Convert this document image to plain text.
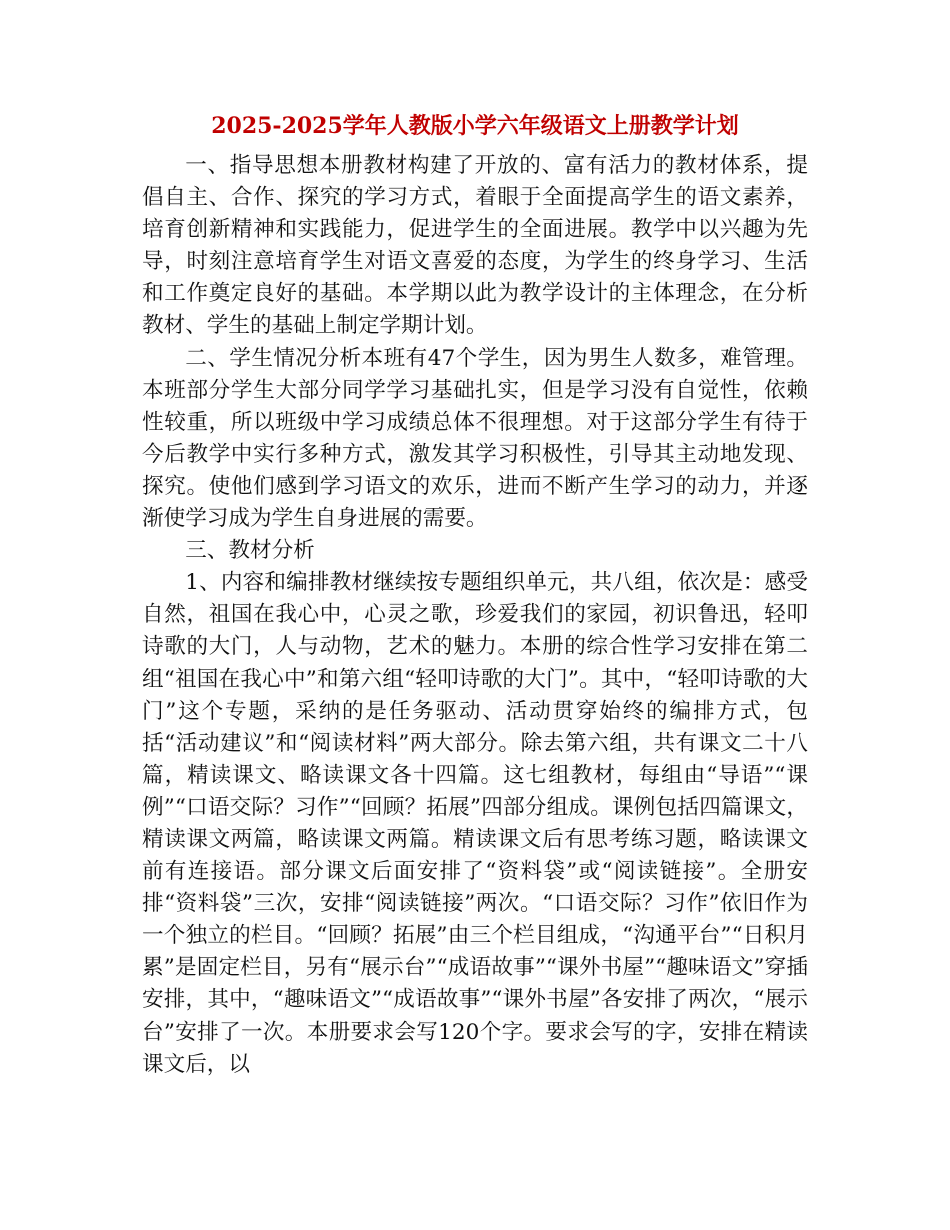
2025-2025学年人教版小学六年级语文上册教学计划

一、指导思想本册教材构建了开放的、富有活力的教材体系，提倡自主、合作、探究的学习方式，着眼于全面提高学生的语文素养，培育创新精神和实践能力，促进学生的全面进展。教学中以兴趣为先导，时刻注意培育学生对语文喜爱的态度，为学生的终身学习、生活和工作奠定良好的基础。本学期以此为教学设计的主体理念，在分析教材、学生的基础上制定学期计划。

二、学生情况分析本班有47个学生，因为男生人数多，难管理。本班部分学生大部分同学学习基础扎实，但是学习没有自觉性，依赖性较重，所以班级中学习成绩总体不很理想。对于这部分学生有待于今后教学中实行多种方式，激发其学习积极性，引导其主动地发现、探究。使他们感到学习语文的欢乐，进而不断产生学习的动力，并逐渐使学习成为学生自身进展的需要。

三、教材分析

1、内容和编排教材继续按专题组织单元，共八组，依次是：感受自然，祖国在我心中，心灵之歌，珍爱我们的家园，初识鲁迅，轻叩诗歌的大门，人与动物，艺术的魅力。本册的综合性学习安排在第二组“祖国在我心中”和第六组“轻叩诗歌的大门”。其中，“轻叩诗歌的大门”这个专题，采纳的是任务驱动、活动贯穿始终的编排方式，包括“活动建议”和“阅读材料”两大部分。除去第六组，共有课文二十八篇，精读课文、略读课文各十四篇。这七组教材，每组由“导语”“课例”“口语交际？习作”“回顾？拓展”四部分组成。课例包括四篇课文，精读课文两篇，略读课文两篇。精读课文后有思考练习题，略读课文前有连接语。部分课文后面安排了“资料袋”或“阅读链接”。全册安排“资料袋”三次，安排“阅读链接”两次。“口语交际？习作”依旧作为一个独立的栏目。“回顾？拓展”由三个栏目组成，“沟通平台”“日积月累”是固定栏目，另有“展示台”“成语故事”“课外书屋”“趣味语文”穿插安排，其中，“趣味语文”“成语故事”“课外书屋”各安排了两次，“展示台”安排了一次。本册要求会写120个字。要求会写的字，安排在精读课文后，以
